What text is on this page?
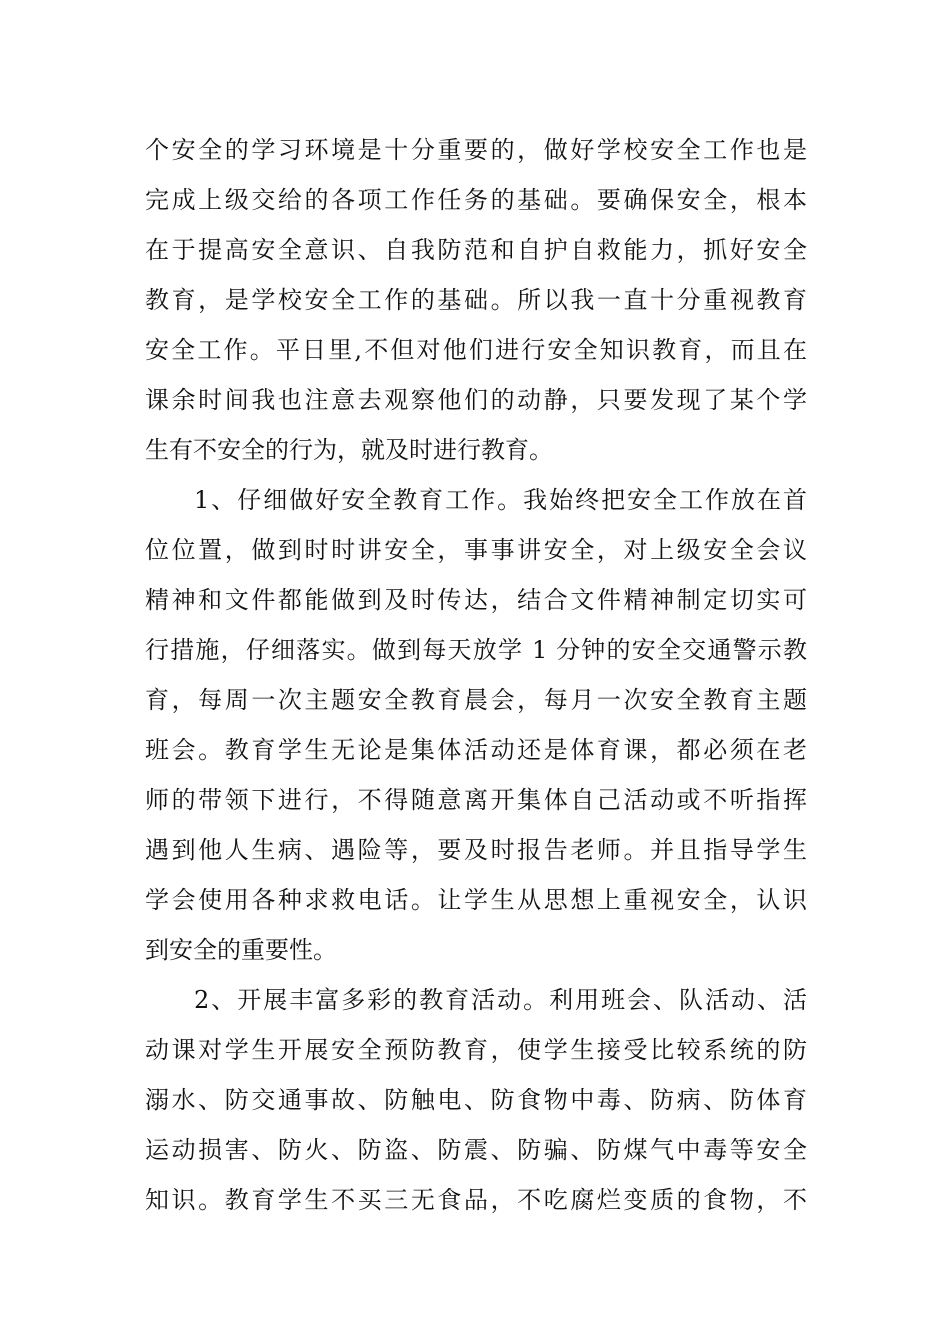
个安全的学习环境是十分重要的，做好学校安全工作也是
完成上级交给的各项工作任务的基础。要确保安全，根本
在于提高安全意识、自我防范和自护自救能力，抓好安全
教育，是学校安全工作的基础。所以我一直十分重视教育
安全工作。平日里,不但对他们进行安全知识教育，而且在
课余时间我也注意去观察他们的动静，只要发现了某个学
生有不安全的行为，就及时进行教育。
1、仔细做好安全教育工作。我始终把安全工作放在首
位位置，做到时时讲安全，事事讲安全，对上级安全会议
精神和文件都能做到及时传达，结合文件精神制定切实可
行措施，仔细落实。做到每天放学 1 分钟的安全交通警示教
育，每周一次主题安全教育晨会，每月一次安全教育主题
班会。教育学生无论是集体活动还是体育课，都必须在老
师的带领下进行，不得随意离开集体自己活动或不听指挥
遇到他人生病、遇险等，要及时报告老师。并且指导学生
学会使用各种求救电话。让学生从思想上重视安全，认识
到安全的重要性。
2、开展丰富多彩的教育活动。利用班会、队活动、活
动课对学生开展安全预防教育，使学生接受比较系统的防
溺水、防交通事故、防触电、防食物中毒、防病、防体育
运动损害、防火、防盗、防震、防骗、防煤气中毒等安全
知识。教育学生不买三无食品，不吃腐烂变质的食物，不
